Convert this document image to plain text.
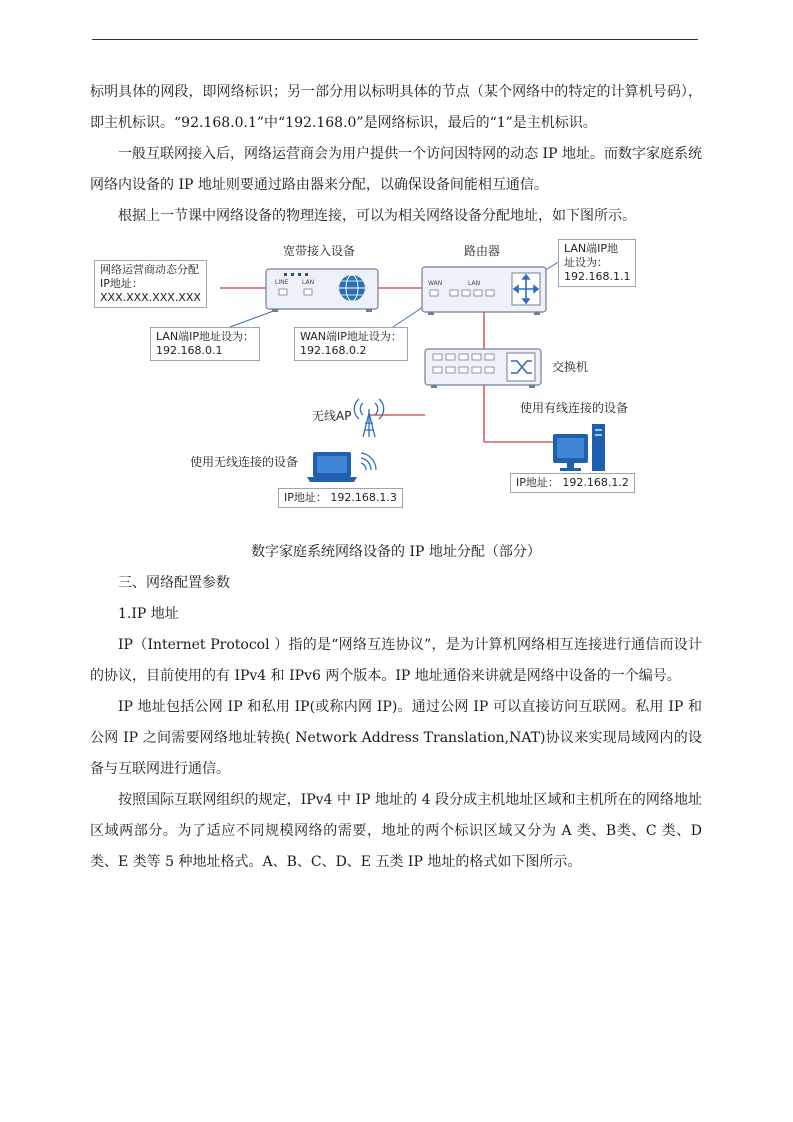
标明具体的网段，即网络标识；另一部分用以标明具体的节点（某个网络中的特定的计算机号码），即主机标识。“92.168.0.1”中“192.168.0”是网络标识，最后的“1”是主机标识。

一般互联网接入后，网络运营商会为用户提供一个访问因特网的动态 IP 地址。而数字家庭系统网络内设备的 IP 地址则要通过路由器来分配，以确保设备间能相互通信。

根据上一节课中网络设备的物理连接，可以为相关网络设备分配地址，如下图所示。

网络运营商动态分配
IP地址：
XXX.XXX.XXX.XXX
宽带接入设备
LINE LAN
路由器
WAN	LAN
LAN端IP地
址设为：
192.168.1.1
LAN端IP地址设为：
192.168.0.1
WAN端IP地址设为：
192.168.0.2
交换机
无线AP
使用有线连接的设备
使用无线连接的设备
IP地址： 192.168.1.3
IP地址： 192.168.1.2

数字家庭系统网络设备的 IP 地址分配（部分）

三、网络配置参数

1.IP 地址

IP（Internet Protocol ）指的是“网络互连协议”，是为计算机网络相互连接进行通信而设计的协议，目前使用的有 IPv4 和 IPv6 两个版本。IP 地址通俗来讲就是网络中设备的一个编号。

IP 地址包括公网 IP 和私用 IP(或称内网 IP)。通过公网 IP 可以直接访问互联网。私用 IP 和公网 IP 之间需要网络地址转换( Network Address Translation,NAT)协议来实现局域网内的设备与互联网进行通信。

按照国际互联网组织的规定，IPv4 中 IP 地址的 4 段分成主机地址区域和主机所在的网络地址区域两部分。为了适应不同规模网络的需要，地址的两个标识区域又分为 A 类、B类、C 类、D 类、E 类等 5 种地址格式。A、B、C、D、E 五类 IP 地址的格式如下图所示。
